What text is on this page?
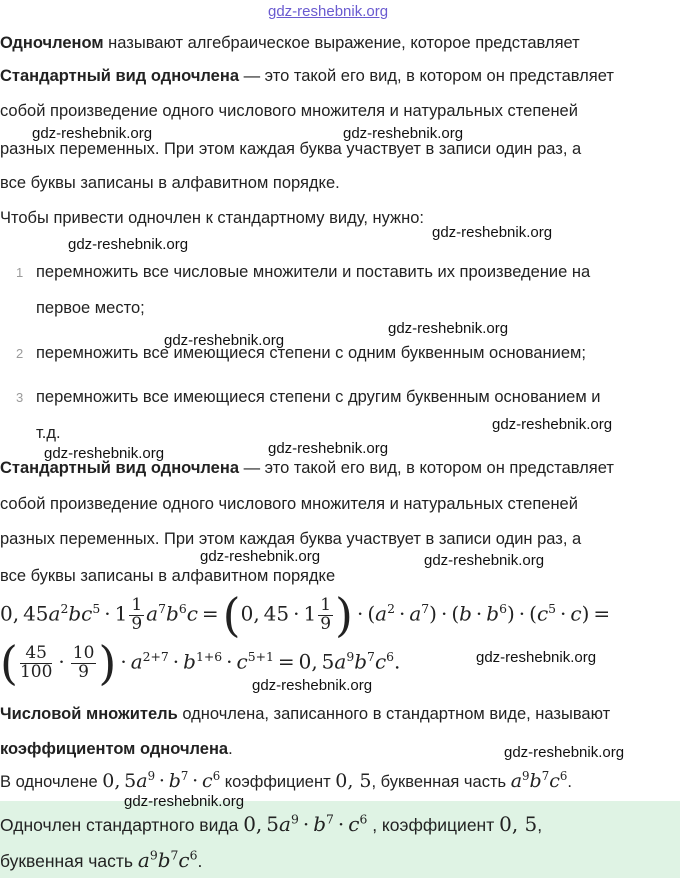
gdz-reshebnik.org
Одночленом называют алгебраическое выражение, которое представляет
Стандартный вид одночлена — это такой его вид, в котором он представляет
собой произведение одного числового множителя и натуральных степеней
разных переменных. При этом каждая буква участвует в записи один раз, а
все буквы записаны в алфавитном порядке.
Чтобы привести одночлен к стандартному виду, нужно:
1 перемножить все числовые множители и поставить их произведение на
первое место;
2 перемножить все имеющиеся степени с одним буквенным основанием;
3 перемножить все имеющиеся степени с другим буквенным основанием и
т.д.
Стандартный вид одночлена — это такой его вид, в котором он представляет
собой произведение одного числового множителя и натуральных степеней
разных переменных. При этом каждая буква участвует в записи один раз, а
все буквы записаны в алфавитном порядке
0, $45a^2bc^5 \cdot 1 \frac{1}{9} a^7b^6c = (0$, $45 \cdot 1 \frac{1}{9}$ ) · $(a^2 \cdot a^7) \cdot (b \cdot b^6) \cdot (c^5 \cdot c)$ =
( $\frac{45}{100} \cdot \frac{10}{9}$ ) · $a^{2+7} \cdot b^{1+6} \cdot c^{5+1} = 0$, $5a^9b^7c^6$.
Числовой множитель одночлена, записанного в стандартном виде, называют
коэффициентом одночлена.
В одночлене 0, $5a^9 \cdot b^7 \cdot c^6$ коэффициент 0, 5, буквенная часть $a^9b^7c^6$.
Одночлен стандартного вида 0, $5a^9 \cdot b^7 \cdot c^6$ , коэффициент 0, 5,
буквенная часть $a^9b^7c^6$.
gdz-reshebnik.org	gdz-reshebnik.org
gdz-reshebnik.org
gdz-reshebnik.org
gdz-reshebnik.org
gdz-reshebnik.org
gdz-reshebnik.org
gdz-reshebnik.org	gdz-reshebnik.org
gdz-reshebnik.org	gdz-reshebnik.org
gdz-reshebnik.org
gdz-reshebnik.org
gdz-reshebnik.org
gdz-reshebnik.org
